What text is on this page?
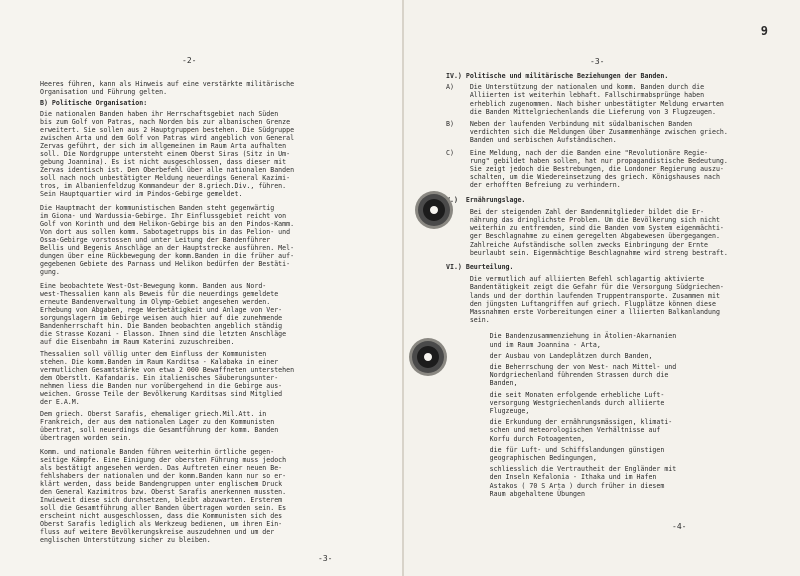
-2-
Heeres führen, kann als Hinweis auf eine verstärkte militärische
Organisation und Führung gelten.
B) Politische Organisation:
Die nationalen Banden haben ihr Herrschaftsgebiet nach Süden
bis zum Golf von Patras, nach Norden bis zur albanischen Grenze
erweitert. Sie sollen aus 2 Hauptgruppen bestehen. Die Südgruppe
zwischen Arta und dem Golf von Patras wird angeblich von General
Zervas geführt, der sich im allgemeinen im Raum Arta aufhalten
soll. Die Nordgruppe untersteht einem Oberst Siras (Sitz in Um-
gebung Joannina). Es ist nicht ausgeschlossen, dass dieser mit
Zervas identisch ist. Den Oberbefehl über alle nationalen Banden
soll nach noch unbestätigter Meldung neuerdings General Kazimi-
tros, im Albanienfeldzug Kommandeur der 8.griech.Div., führen.
Sein Hauptquartier wird im Pindos-Gebirge gemeldet.
Die Hauptmacht der kommunistischen Banden steht gegenwärtig
im Giona- und Wardussia-Gebirge. Ihr Einflussgebiet reicht von
Golf von Korinth und dem Helikon-Gebirge bis an den Pindos-Kamm.
Von dort aus sollen komm. Sabotagetrupps bis in das Pelion- und
Ossa-Gebirge vorstossen und unter Leitung der Bandenführer
Bellis und Begenis Anschläge an der Hauptstrecke ausführen. Mel-
dungen über eine Rückbewegung der komm.Banden in die früher auf-
gegebenen Gebiete des Parnass und Helikon bedürfen der Bestäti-
gung.
Eine beobachtete West-Ost-Bewegung komm. Banden aus Nord-
west-Thessalien kann als Beweis für die neuerdings gemeldete
erneute Bandenverwaltung im Olymp-Gebiet angesehen werden.
Erhebung von Abgaben, rege Werbetätigkeit und Anlage von Ver-
sorgungslagern im Gebirge weisen auch hier auf die zunehmende
Bandenherrschaft hin. Die Banden beobachten angeblich ständig
die Strasse Kozani - Elasson. Ihnen sind die letzten Anschläge
auf die Eisenbahn im Raum Katerini zuzuschreiben.
Thessalien soll völlig unter dem Einfluss der Kommunisten
stehen. Die komm.Banden im Raum Karditsa - Kalabaka in einer
vermutlichen Gesamtstärke von etwa 2 000 Bewaffneten unterstehen
dem Oberstlt. Kafandaris. Ein italienisches Säuberungsunter-
nehmen liess die Banden nur vorübergehend in die Gebirge aus-
weichen. Grosse Teile der Bevölkerung Karditsas sind Mitglied
der E.A.M.
Dem griech. Oberst Sarafis, ehemaliger griech.Mil.Att. in
Frankreich, der aus dem nationalen Lager zu den Kommunisten
übertrat, soll neuerdings die Gesamtführung der komm. Banden
übertragen worden sein.
Komm. und nationale Banden führen weiterhin örtliche gegen-
seitige Kämpfe. Eine Einigung der obersten Führung muss jedoch
als bestätigt angesehen werden. Das Auftreten einer neuen Be-
fehlshabers der nationalen und der komm.Banden kann nur so er-
klärt werden, dass beide Bandengruppen unter englischem Druck
den General Kazimitros bzw. Oberst Sarafis anerkennen mussten.
Inwieweit diese sich durchsetzen, bleibt abzuwarten. Ersterem
soll die Gesamtführung aller Banden übertragen worden sein. Es
erscheint nicht ausgeschlossen, dass die Kommunisten sich des
Oberst Sarafis lediglich als Werkzeug bedienen, um ihren Ein-
fluss auf weitere Bevölkerungskreise auszudehnen und um der
englischen Unterstützung sicher zu bleiben.
-3-
9
-3-
IV.) Politische und militärische Beziehungen der Banden.
A)    Die Unterstützung der nationalen und komm. Banden durch die
Alliierten ist weiterhin lebhaft. Fallschirmabsprünge haben
erheblich zugenommen. Nach bisher unbestätigter Meldung erwarten
die Banden Mittelgriechenlands die Lieferung von 3 Flugzeugen.
B)    Neben der laufenden Verbindung mit südalbanischen Banden
verdichten sich die Meldungen über Zusammenhänge zwischen griech.
Banden und serbischen Aufständischen.
C)    Eine Meldung, nach der die Banden eine "Revolutionäre Regie-
rung" gebildet haben sollen, hat nur propagandistische Bedeutung.
Sie zeigt jedoch die Bestrebungen, die Londoner Regierung auszu-
schalten, um die Wiedereinsetzung des griech. Königshauses nach
der erhofften Befreiung zu verhindern.
V.)  Ernährungslage.
Bei der steigenden Zahl der Bandenmitglieder bildet die Er-
nährung das dringlichste Problem. Um die Bevölkerung sich nicht
weiterhin zu entfremden, sind die Banden vom System eigenmächti-
ger Beschlagnahme zu einem geregelten Abgabewesen übergegangen.
Zahlreiche Aufständische sollen zwecks Einbringung der Ernte
beurlaubt sein. Eigenmächtige Beschlagnahme wird streng bestraft.
VI.) Beurteilung.
Die vermutlich auf alliierten Befehl schlagartig aktivierte
Bandentätigkeit zeigt die Gefahr für die Versorgung Südgriechen-
lands und der dorthin laufenden Truppentransporte. Zusammen mit
den jüngsten Luftangriffen auf griech. Flugplätze können diese
Massnahmen erste Vorbereitungen einer a lliierten Balkanlandung
sein.
Die Bandenzusammenziehung in Ätolien-Akarnanien
und im Raum Joannina - Arta,
der Ausbau von Landeplätzen durch Banden,
die Beherrschung der von West- nach Mittel- und
Nordgriechenland führenden Strassen durch die
Banden,
die seit Monaten erfolgende erhebliche Luft-
versorgung Westgriechenlands durch alliierte
Flugzeuge,
die Erkundung der ernährungsmässigen, klimati-
schen und meteorologischen Verhältnisse auf
Korfu durch Fotoagenten,
die für Luft- und Schiffslandungen günstigen
geographischen Bedingungen,
schliesslich die Vertrautheit der Engländer mit
den Inseln Kefalonia - Ithaka und im Hafen
Astakos ( 70 S Arta ) durch früher in diesem
Raum abgehaltene Übungen
-4-
